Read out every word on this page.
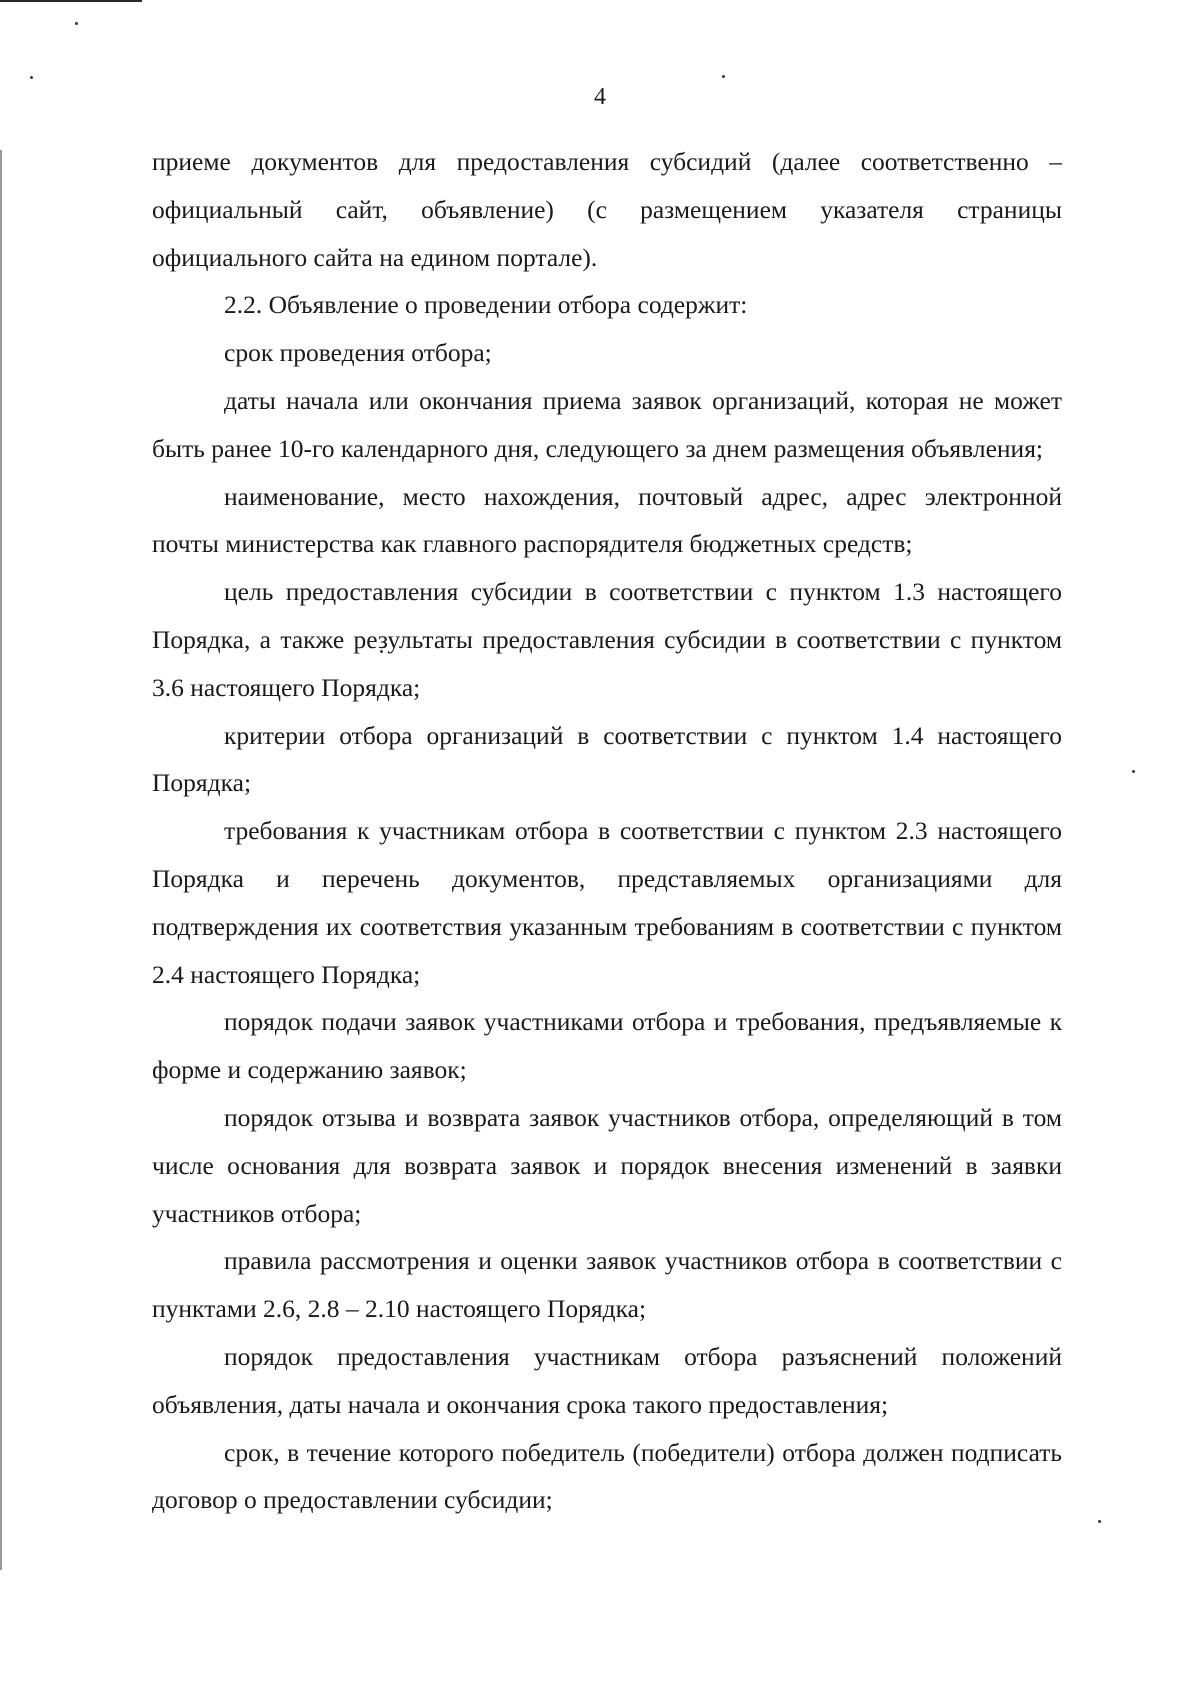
4

приеме документов для предоставления субсидий (далее соответственно – официальный сайт, объявление) (с размещением указателя страницы официального сайта на едином портале).

2.2. Объявление о проведении отбора содержит:

срок проведения отбора;

даты начала или окончания приема заявок организаций, которая не может быть ранее 10-го календарного дня, следующего за днем размещения объявления;

наименование, место нахождения, почтовый адрес, адрес электронной почты министерства как главного распорядителя бюджетных средств;

цель предоставления субсидии в соответствии с пунктом 1.3 настоящего Порядка, а также результаты предоставления субсидии в соответствии с пунктом 3.6 настоящего Порядка;

критерии отбора организаций в соответствии с пунктом 1.4 настоящего Порядка;

требования к участникам отбора в соответствии с пунктом 2.3 настоящего Порядка и перечень документов, представляемых организациями для подтверждения их соответствия указанным требованиям в соответствии с пунктом 2.4 настоящего Порядка;

порядок подачи заявок участниками отбора и требования, предъявляемые к форме и содержанию заявок;

порядок отзыва и возврата заявок участников отбора, определяющий в том числе основания для возврата заявок и порядок внесения изменений в заявки участников отбора;

правила рассмотрения и оценки заявок участников отбора в соответствии с пунктами 2.6, 2.8 – 2.10 настоящего Порядка;

порядок предоставления участникам отбора разъяснений положений объявления, даты начала и окончания срока такого предоставления;

срок, в течение которого победитель (победители) отбора должен подписать договор о предоставлении субсидии;
